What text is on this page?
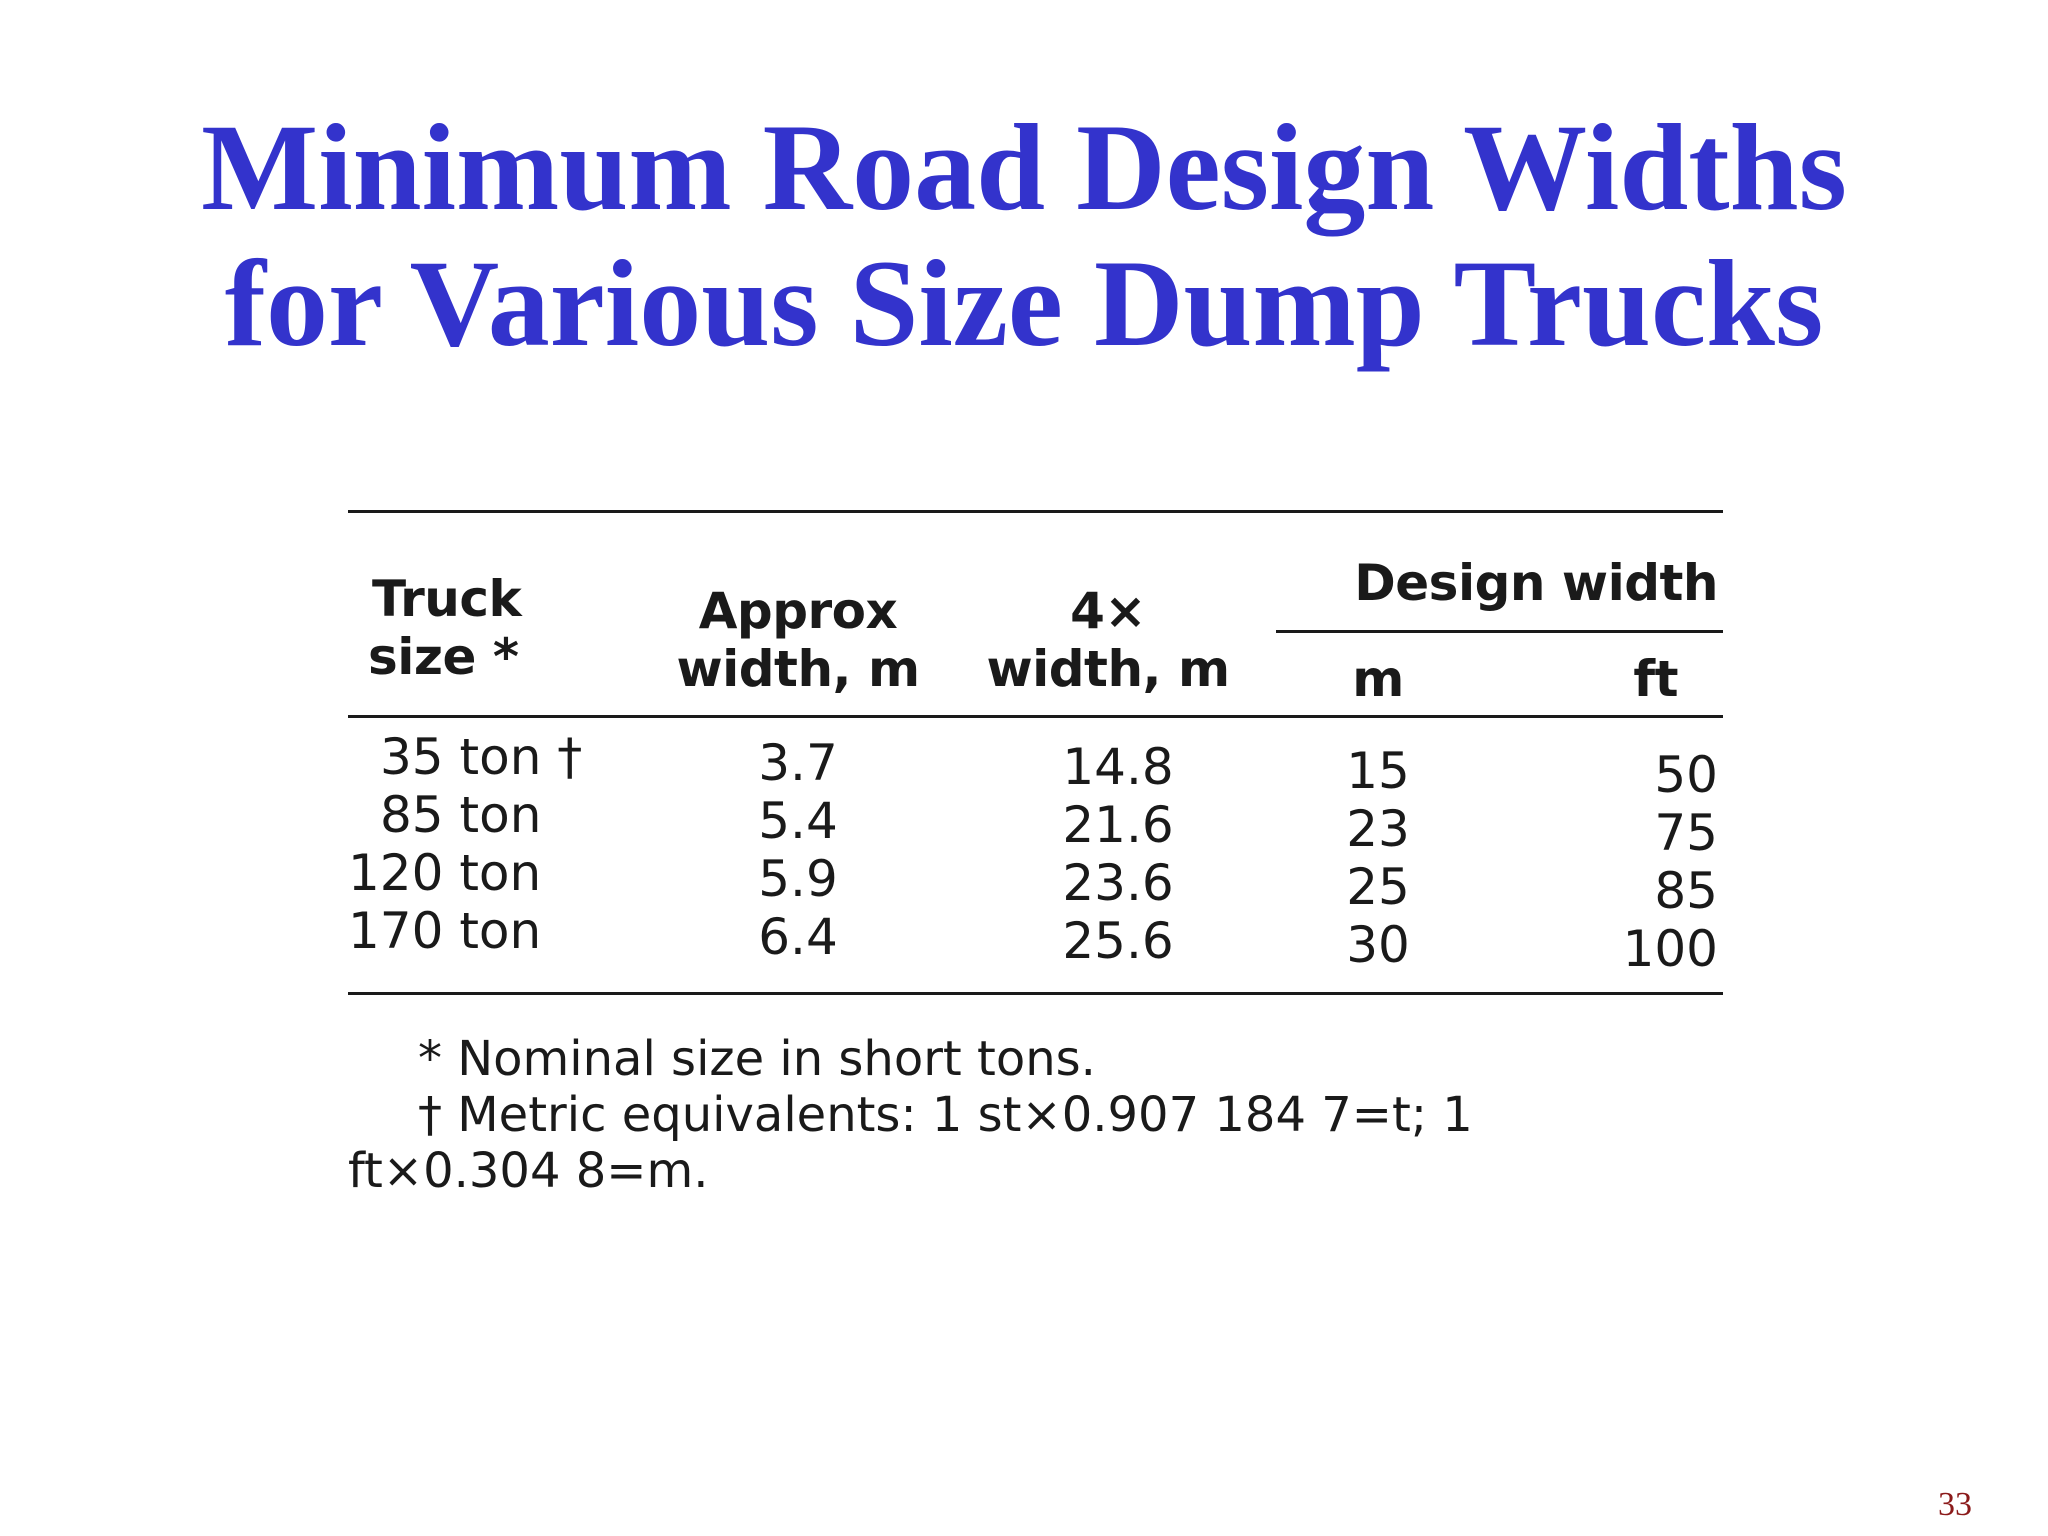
Minimum Road Design Widths
for Various Size Dump Trucks
Truck
size *
Approx
width, m
4×
width, m
Design width
m	ft
35 ton †
85 ton
120 ton
170 ton
3.7
5.4
5.9
6.4
14.8
21.6
23.6
25.6
15
23
25
30
50
75
85
100
* Nominal size in short tons.
† Metric equivalents: 1 st×0.907 184 7=t; 1
ft×0.304 8=m.
33
